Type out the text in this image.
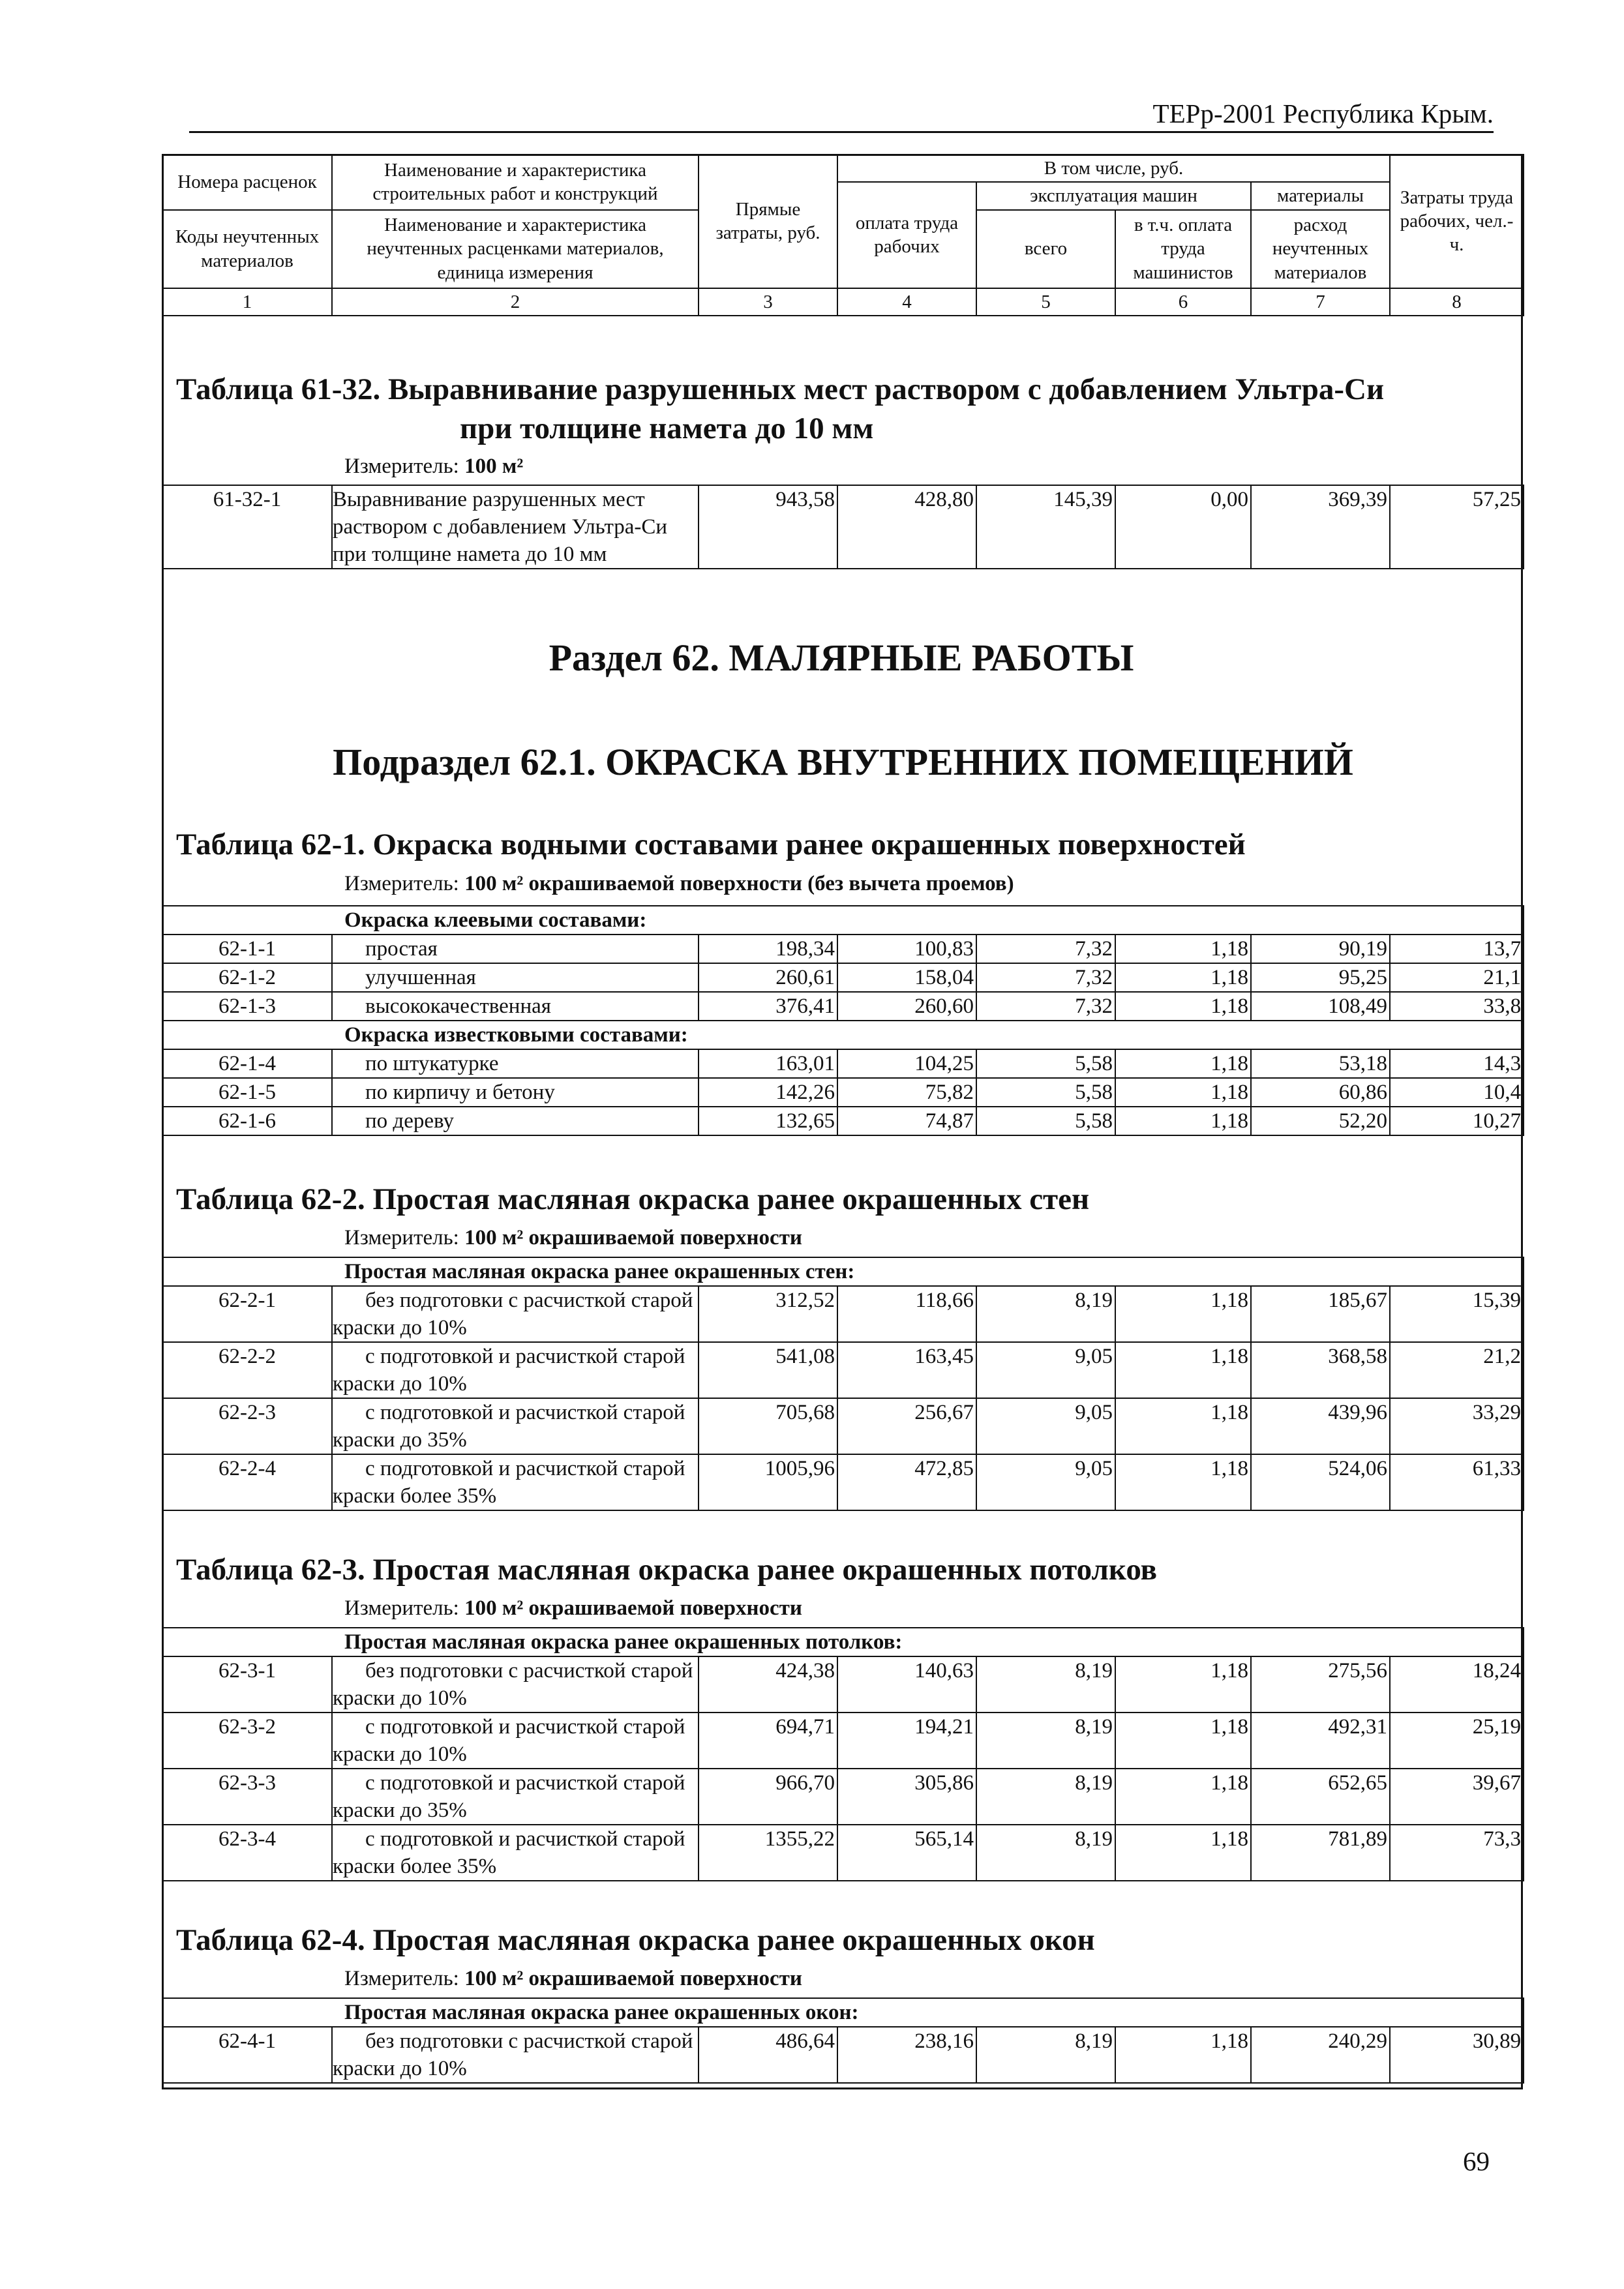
ТЕРр-2001 Республика Крым.
Номера расценок	Наименование и характеристика строительных работ и конструкций	Прямые затраты, руб.	В том числе, руб.				Затраты труда рабочих, чел.-ч.
			оплата труда рабочих	эксплуатация машин		материалы	
Коды неучтенных материалов	Наименование и характеристика неучтенных расценками материалов, единица измерения			всего	в т.ч. оплата труда машинистов	расход неучтенных материалов	

1	2	3	4	5	6	7	8
Таблица 61-32. Выравнивание разрушенных мест раствором с добавлением Ультра-Си
при толщине намета до 10 мм
Измеритель: 100 м²
61-32-1	Выравнивание разрушенных мест раствором с добавлением Ультра-Си при толщине намета до 10 мм	943,58	428,80	145,39	0,00	369,39	57,25
Раздел 62. МАЛЯРНЫЕ РАБОТЫ
Подраздел 62.1. ОКРАСКА ВНУТРЕННИХ ПОМЕЩЕНИЙ
Таблица 62-1. Окраска водными составами ранее окрашенных поверхностей
Измеритель: 100 м² окрашиваемой поверхности (без вычета проемов)
Окраска клеевыми составами:							
62-1-1	простая	198,34	100,83	7,32	1,18	90,19	13,7
62-1-2	улучшенная	260,61	158,04	7,32	1,18	95,25	21,1
62-1-3	высококачественная	376,41	260,60	7,32	1,18	108,49	33,8
Окраска известковыми составами:							
62-1-4	по штукатурке	163,01	104,25	5,58	1,18	53,18	14,3
62-1-5	по кирпичу и бетону	142,26	75,82	5,58	1,18	60,86	10,4
62-1-6	по дереву	132,65	74,87	5,58	1,18	52,20	10,27
Таблица 62-2. Простая масляная окраска ранее окрашенных стен
Измеритель: 100 м² окрашиваемой поверхности
Простая масляная окраска ранее окрашенных стен:							
62-2-1	без подготовки с расчисткой старой краски до 10%	312,52	118,66	8,19	1,18	185,67	15,39
62-2-2	с подготовкой и расчисткой старой краски до 10%	541,08	163,45	9,05	1,18	368,58	21,2
62-2-3	с подготовкой и расчисткой старой краски до 35%	705,68	256,67	9,05	1,18	439,96	33,29
62-2-4	с подготовкой и расчисткой старой краски более 35%	1005,96	472,85	9,05	1,18	524,06	61,33
Таблица 62-3. Простая масляная окраска ранее окрашенных потолков
Измеритель: 100 м² окрашиваемой поверхности
Простая масляная окраска ранее окрашенных потолков:							
62-3-1	без подготовки с расчисткой старой краски до 10%	424,38	140,63	8,19	1,18	275,56	18,24
62-3-2	с подготовкой и расчисткой старой краски до 10%	694,71	194,21	8,19	1,18	492,31	25,19
62-3-3	с подготовкой и расчисткой старой краски до 35%	966,70	305,86	8,19	1,18	652,65	39,67
62-3-4	с подготовкой и расчисткой старой краски более 35%	1355,22	565,14	8,19	1,18	781,89	73,3
Таблица 62-4. Простая масляная окраска ранее окрашенных окон
Измеритель: 100 м² окрашиваемой поверхности
Простая масляная окраска ранее окрашенных окон:
62-4-1	без подготовки с расчисткой старой краски до 10%	486,64	238,16	8,19	1,18	240,29	30,89
69
